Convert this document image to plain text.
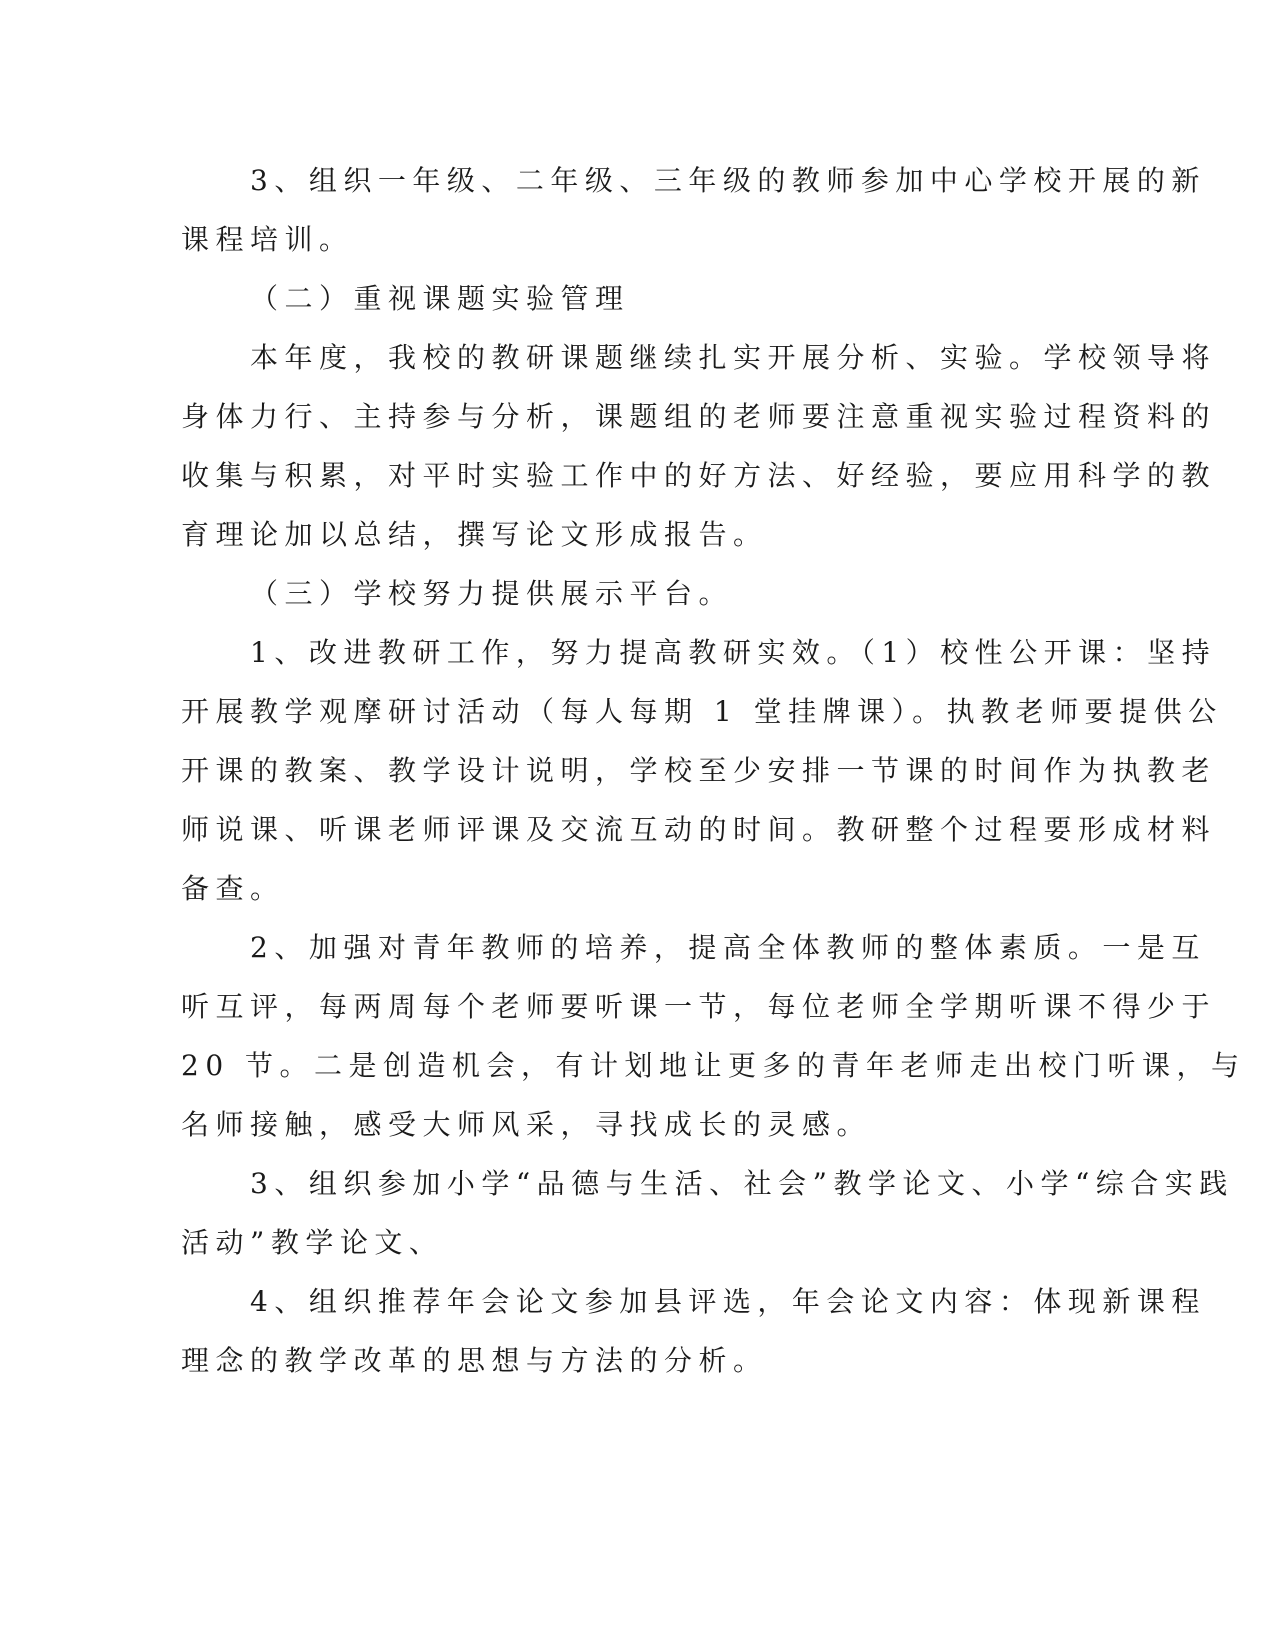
3、组织一年级、二年级、三年级的教师参加中心学校开展的新
课程培训。
（二）重视课题实验管理
本年度，我校的教研课题继续扎实开展分析、实验。学校领导将
身体力行、主持参与分析，课题组的老师要注意重视实验过程资料的
收集与积累，对平时实验工作中的好方法、好经验，要应用科学的教
育理论加以总结，撰写论文形成报告。
（三）学校努力提供展示平台。
1、改进教研工作，努力提高教研实效。（1）校性公开课：坚持
开展教学观摩研讨活动（每人每期 1 堂挂牌课）。执教老师要提供公
开课的教案、教学设计说明，学校至少安排一节课的时间作为执教老
师说课、听课老师评课及交流互动的时间。教研整个过程要形成材料
备查。
2、加强对青年教师的培养，提高全体教师的整体素质。一是互
听互评，每两周每个老师要听课一节，每位老师全学期听课不得少于
20 节。二是创造机会，有计划地让更多的青年老师走出校门听课，与
名师接触，感受大师风采，寻找成长的灵感。
3、组织参加小学“品德与生活、社会”教学论文、小学“综合实践
活动”教学论文、
4、组织推荐年会论文参加县评选，年会论文内容：体现新课程
理念的教学改革的思想与方法的分析。
